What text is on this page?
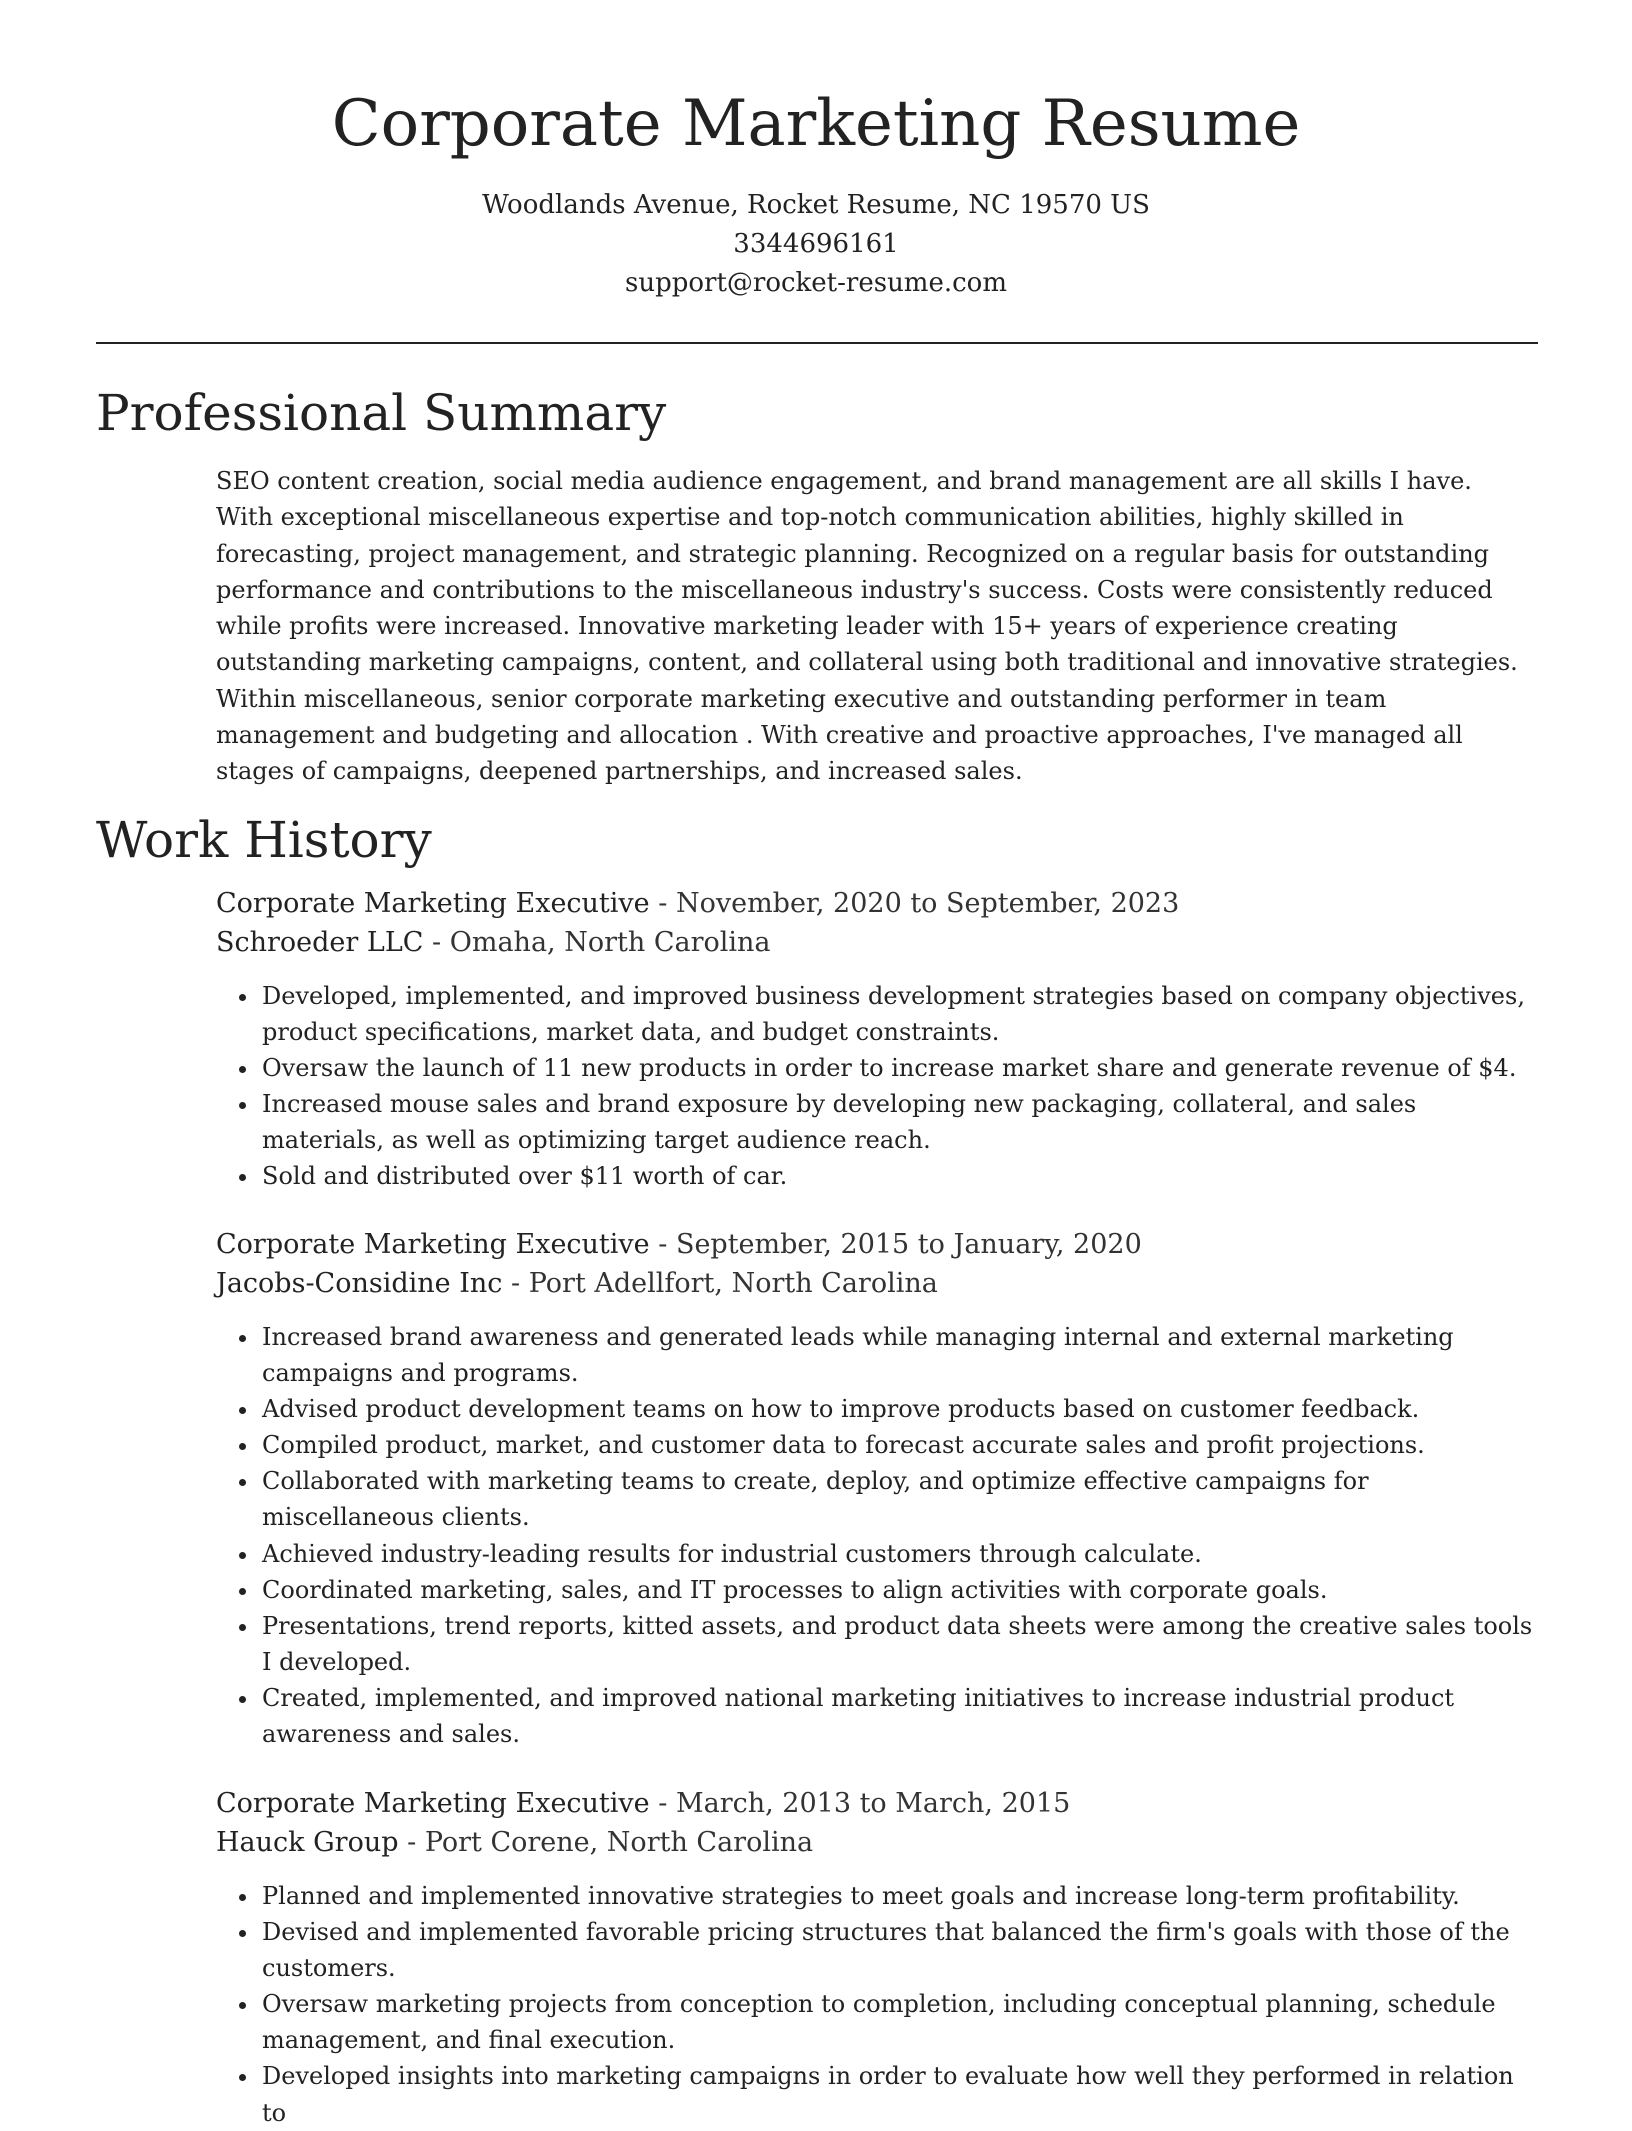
Corporate Marketing Resume
Woodlands Avenue, Rocket Resume, NC 19570 US
3344696161
support@rocket-resume.com
Professional Summary

SEO content creation, social media audience engagement, and brand management are all skills I have. With exceptional miscellaneous expertise and top-notch communication abilities, highly skilled in forecasting, project management, and strategic planning. Recognized on a regular basis for outstanding performance and contributions to the miscellaneous industry's success. Costs were consistently reduced while profits were increased. Innovative marketing leader with 15+ years of experience creating outstanding marketing campaigns, content, and collateral using both traditional and innovative strategies. Within miscellaneous, senior corporate marketing executive and outstanding performer in team management and budgeting and allocation . With creative and proactive approaches, I've managed all stages of campaigns, deepened partnerships, and increased sales.

Work History
Corporate Marketing Executive - November, 2020 to September, 2023
Schroeder LLC - Omaha, North Carolina
• Developed, implemented, and improved business development strategies based on company objectives, product specifications, market data, and budget constraints.
• Oversaw the launch of 11 new products in order to increase market share and generate revenue of $4.
• Increased mouse sales and brand exposure by developing new packaging, collateral, and sales materials, as well as optimizing target audience reach.
• Sold and distributed over $11 worth of car.
Corporate Marketing Executive - September, 2015 to January, 2020
Jacobs-Considine Inc - Port Adellfort, North Carolina
• Increased brand awareness and generated leads while managing internal and external marketing campaigns and programs.
• Advised product development teams on how to improve products based on customer feedback.
• Compiled product, market, and customer data to forecast accurate sales and profit projections.
• Collaborated with marketing teams to create, deploy, and optimize effective campaigns for miscellaneous clients.
• Achieved industry-leading results for industrial customers through calculate.
• Coordinated marketing, sales, and IT processes to align activities with corporate goals.
• Presentations, trend reports, kitted assets, and product data sheets were among the creative sales tools I developed.
• Created, implemented, and improved national marketing initiatives to increase industrial product awareness and sales.
Corporate Marketing Executive - March, 2013 to March, 2015
Hauck Group - Port Corene, North Carolina
• Planned and implemented innovative strategies to meet goals and increase long-term profitability.
• Devised and implemented favorable pricing structures that balanced the firm's goals with those of the customers.
• Oversaw marketing projects from conception to completion, including conceptual planning, schedule management, and final execution.
• Developed insights into marketing campaigns in order to evaluate how well they performed in relation to
